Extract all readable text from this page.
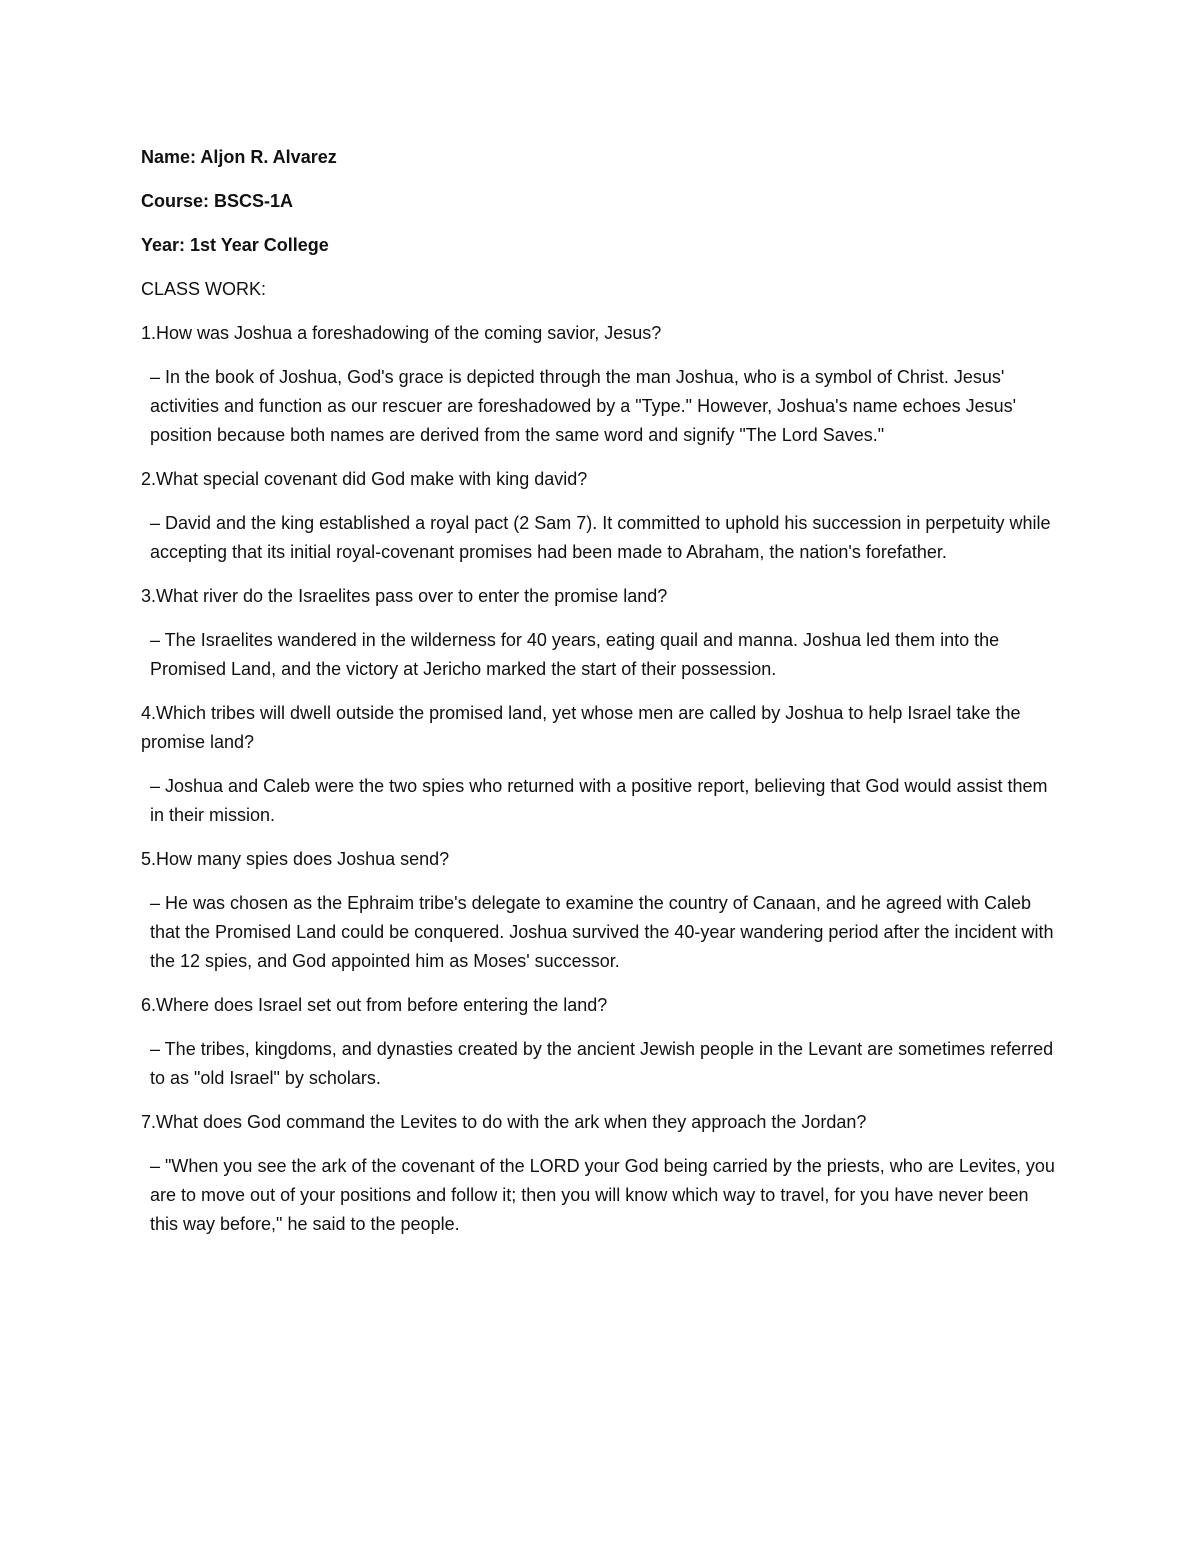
Name: Aljon R. Alvarez

Course: BSCS-1A

Year: 1st Year College

CLASS WORK:

1.How was Joshua a foreshadowing of the coming savior, Jesus?

– In the book of Joshua, God's grace is depicted through the man Joshua, who is a symbol of Christ. Jesus' activities and function as our rescuer are foreshadowed by a "Type." However, Joshua's name echoes Jesus' position because both names are derived from the same word and signify "The Lord Saves."

2.What special covenant did God make with king david?

– David and the king established a royal pact (2 Sam 7). It committed to uphold his succession in perpetuity while accepting that its initial royal-covenant promises had been made to Abraham, the nation's forefather.

3.What river do the Israelites pass over to enter the promise land?

– The Israelites wandered in the wilderness for 40 years, eating quail and manna. Joshua led them into the Promised Land, and the victory at Jericho marked the start of their possession.

4.Which tribes will dwell outside the promised land, yet whose men are called by Joshua to help Israel take the promise land?

– Joshua and Caleb were the two spies who returned with a positive report, believing that God would assist them in their mission.

5.How many spies does Joshua send?

– He was chosen as the Ephraim tribe's delegate to examine the country of Canaan, and he agreed with Caleb that the Promised Land could be conquered. Joshua survived the 40-year wandering period after the incident with the 12 spies, and God appointed him as Moses' successor.

6.Where does Israel set out from before entering the land?

– The tribes, kingdoms, and dynasties created by the ancient Jewish people in the Levant are sometimes referred to as "old Israel" by scholars.

7.What does God command the Levites to do with the ark when they approach the Jordan?

– "When you see the ark of the covenant of the LORD your God being carried by the priests, who are Levites, you are to move out of your positions and follow it; then you will know which way to travel, for you have never been this way before," he said to the people.
